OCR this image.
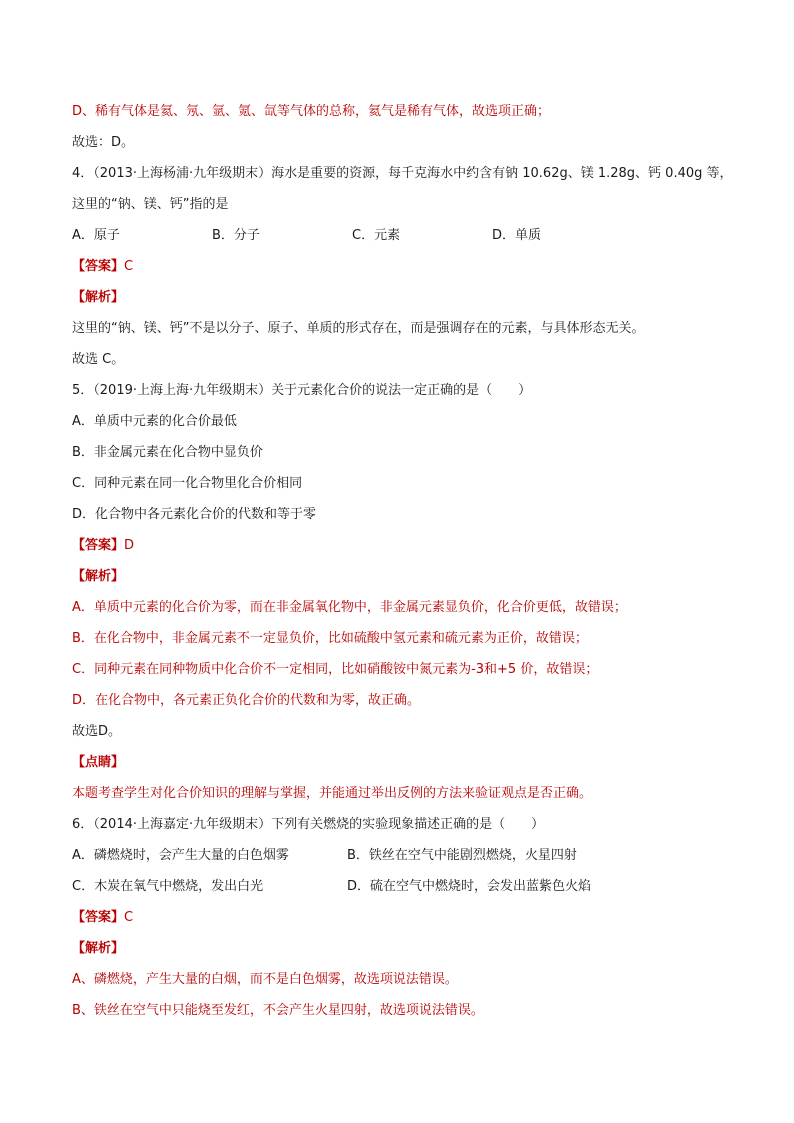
D、稀有气体是氦、氖、氩、氪、氙等气体的总称，氦气是稀有气体，故选项正确；
故选：D。
4．（2013·上海杨浦·九年级期末）海水是重要的资源，每千克海水中约含有钠 10.62g、镁 1.28g、钙 0.40g 等，
这里的“钠、镁、钙”指的是
A．原子	B．分子	C．元素	D．单质
【答案】C
【解析】
这里的“钠、镁、钙”不是以分子、原子、单质的形式存在，而是强调存在的元素，与具体形态无关。
故选 C。
5．（2019·上海上海·九年级期末）关于元素化合价的说法一定正确的是（　　）
A．单质中元素的化合价最低
B．非金属元素在化合物中显负价
C．同种元素在同一化合物里化合价相同
D．化合物中各元素化合价的代数和等于零
【答案】D
【解析】
A．单质中元素的化合价为零，而在非金属氧化物中，非金属元素显负价，化合价更低，故错误；
B．在化合物中，非金属元素不一定显负价，比如硫酸中氢元素和硫元素为正价，故错误；
C．同种元素在同种物质中化合价不一定相同，比如硝酸铵中氮元素为-3和+5 价，故错误；
D．在化合物中，各元素正负化合价的代数和为零，故正确。
故选D。
【点睛】
本题考查学生对化合价知识的理解与掌握，并能通过举出反例的方法来验证观点是否正确。
6．（2014·上海嘉定·九年级期末）下列有关燃烧的实验现象描述正确的是（　　）
A．磷燃烧时，会产生大量的白色烟雾	B．铁丝在空气中能剧烈燃烧，火星四射
C．木炭在氧气中燃烧，发出白光	D．硫在空气中燃烧时，会发出蓝紫色火焰
【答案】C
【解析】
A、磷燃烧，产生大量的白烟，而不是白色烟雾，故选项说法错误。
B、铁丝在空气中只能烧至发红，不会产生火星四射，故选项说法错误。
